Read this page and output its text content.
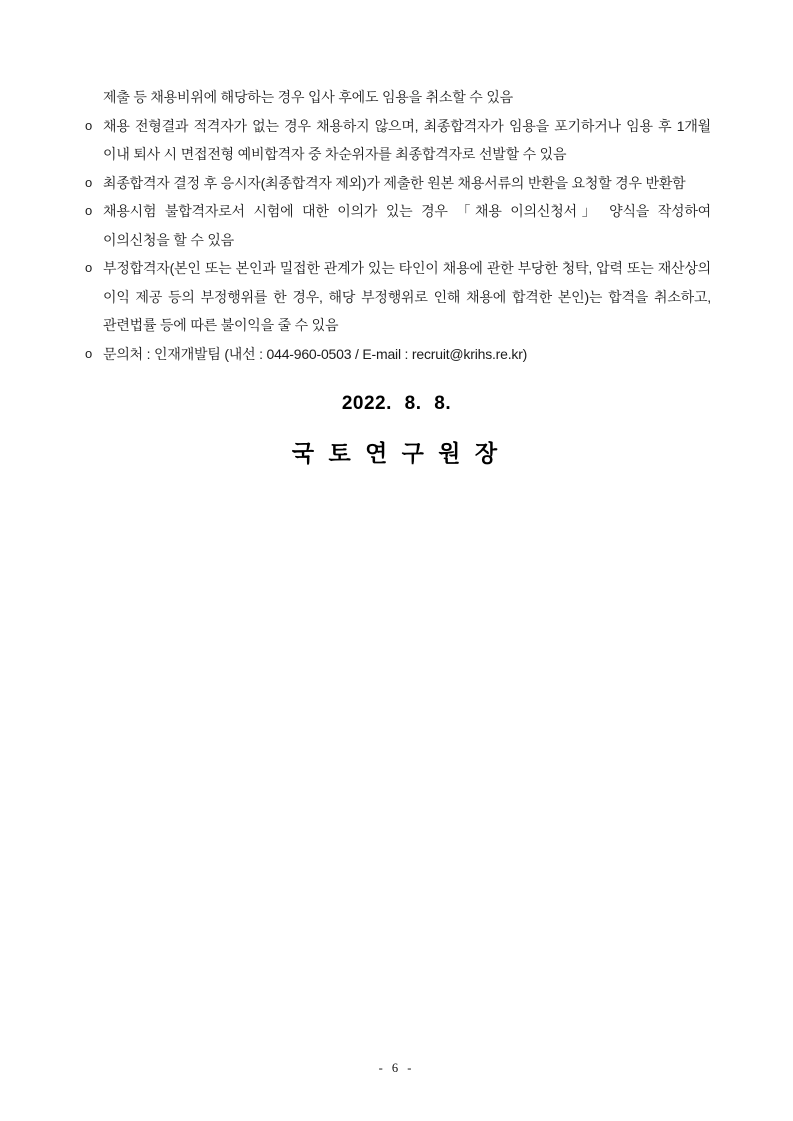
제출 등 채용비위에 해당하는 경우 입사 후에도 임용을 취소할 수 있음
o 채용 전형결과 적격자가 없는 경우 채용하지 않으며, 최종합격자가 임용을 포기하거나 임용 후 1개월 이내 퇴사 시 면접전형 예비합격자 중 차순위자를 최종합격자로 선발할 수 있음
o 최종합격자 결정 후 응시자(최종합격자 제외)가 제출한 원본 채용서류의 반환을 요청할 경우 반환함
o 채용시험 불합격자로서 시험에 대한 이의가 있는 경우 「채용 이의신청서」 양식을 작성하여 이의신청을 할 수 있음
o 부정합격자(본인 또는 본인과 밀접한 관계가 있는 타인이 채용에 관한 부당한 청탁, 압력 또는 재산상의 이익 제공 등의 부정행위를 한 경우, 해당 부정행위로 인해 채용에 합격한 본인)는 합격을 취소하고, 관련법률 등에 따른 불이익을 줄 수 있음
o 문의처 : 인재개발팀 (내선 : 044-960-0503 / E-mail : recruit@krihs.re.kr)
2022. 8. 8.
국 토 연 구 원 장
- 6 -
